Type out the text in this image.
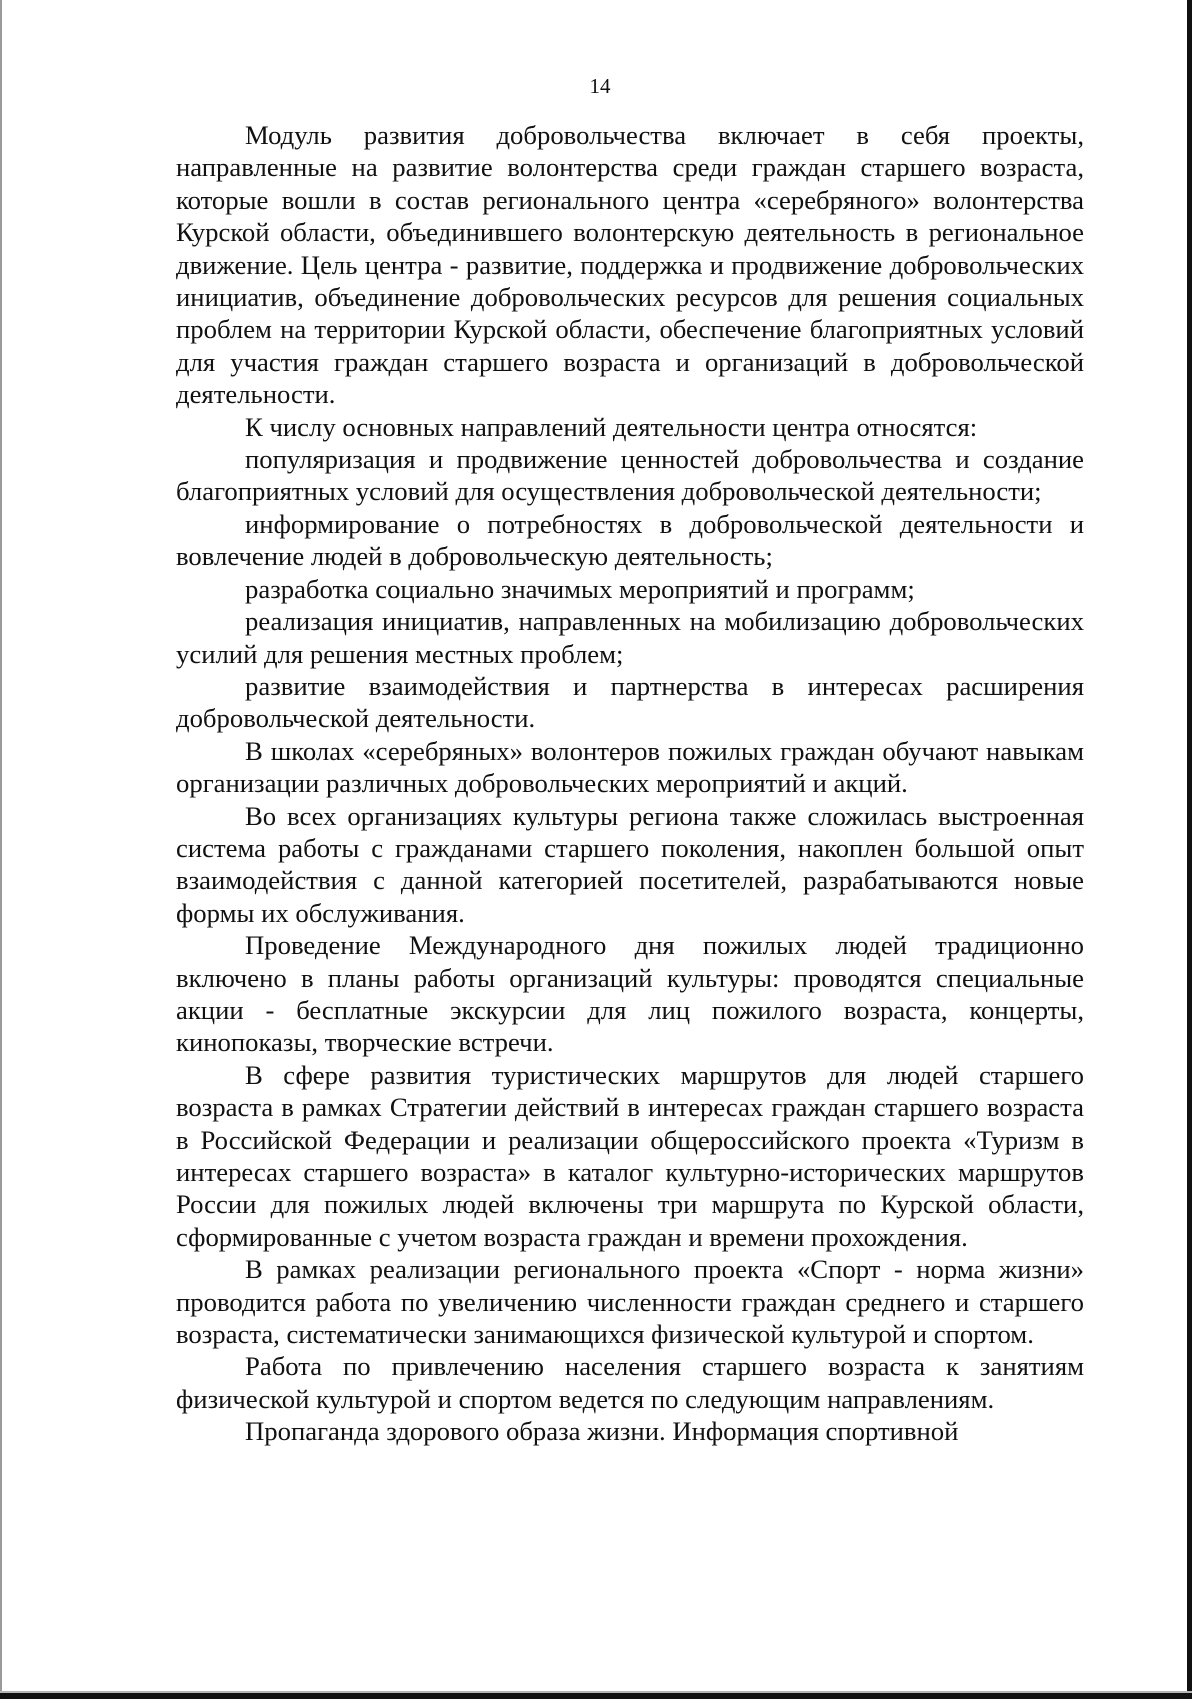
14

Модуль развития добровольчества включает в себя проекты, направленные на развитие волонтерства среди граждан старшего возраста, которые вошли в состав регионального центра «серебряного» волонтерства Курской области, объединившего волонтерскую деятельность в региональное движение. Цель центра - развитие, поддержка и продвижение добровольческих инициатив, объединение добровольческих ресурсов для решения социальных проблем на территории Курской области, обеспечение благоприятных условий для участия граждан старшего возраста и организаций в добровольческой деятельности.

К числу основных направлений деятельности центра относятся:

популяризация и продвижение ценностей добровольчества и создание благоприятных условий для осуществления добровольческой деятельности;

информирование о потребностях в добровольческой деятельности и вовлечение людей в добровольческую деятельность;

разработка социально значимых мероприятий и программ;

реализация инициатив, направленных на мобилизацию добровольческих усилий для решения местных проблем;

развитие взаимодействия и партнерства в интересах расширения добровольческой деятельности.

В школах «серебряных» волонтеров пожилых граждан обучают навыкам организации различных добровольческих мероприятий и акций.

Во всех организациях культуры региона также сложилась выстроенная система работы с гражданами старшего поколения, накоплен большой опыт взаимодействия с данной категорией посетителей, разрабатываются новые формы их обслуживания.

Проведение Международного дня пожилых людей традиционно включено в планы работы организаций культуры: проводятся специальные акции - бесплатные экскурсии для лиц пожилого возраста, концерты, кинопоказы, творческие встречи.

В сфере развития туристических маршрутов для людей старшего возраста в рамках Стратегии действий в интересах граждан старшего возраста в Российской Федерации и реализации общероссийского проекта «Туризм в интересах старшего возраста» в каталог культурно-исторических маршрутов России для пожилых людей включены три маршрута по Курской области, сформированные с учетом возраста граждан и времени прохождения.

В рамках реализации регионального проекта «Спорт - норма жизни» проводится работа по увеличению численности граждан среднего и старшего возраста, систематически занимающихся физической культурой и спортом.

Работа по привлечению населения старшего возраста к занятиям физической культурой и спортом ведется по следующим направлениям.

Пропаганда здорового образа жизни. Информация спортивной
